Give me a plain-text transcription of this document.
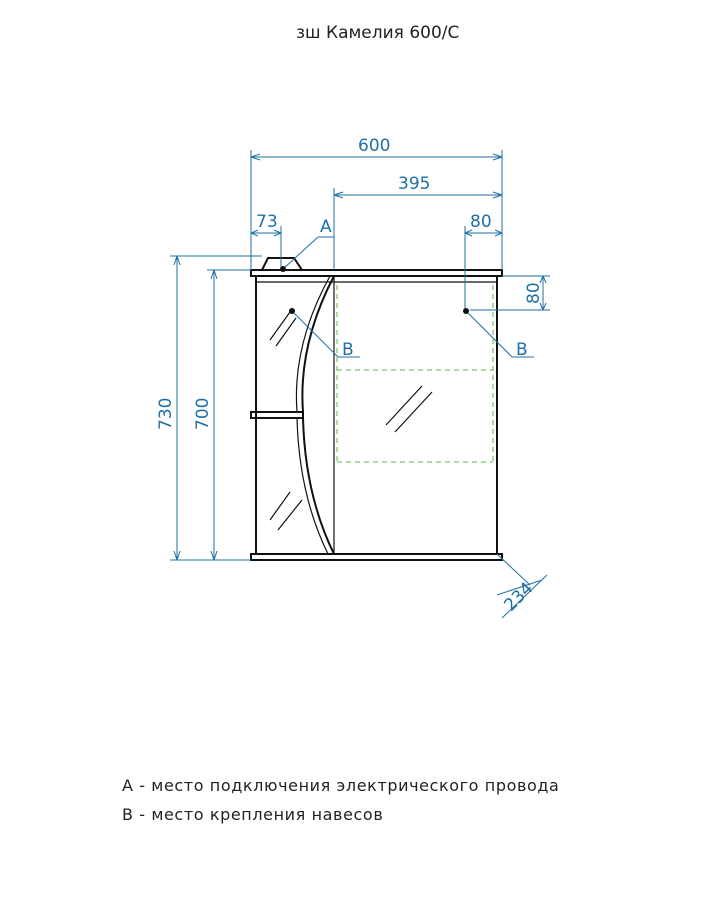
зш Камелия 600/С
600
395
73	80
80
730 700
234
A
B	B
A - место подключения электрического провода
B - место крепления навесов
